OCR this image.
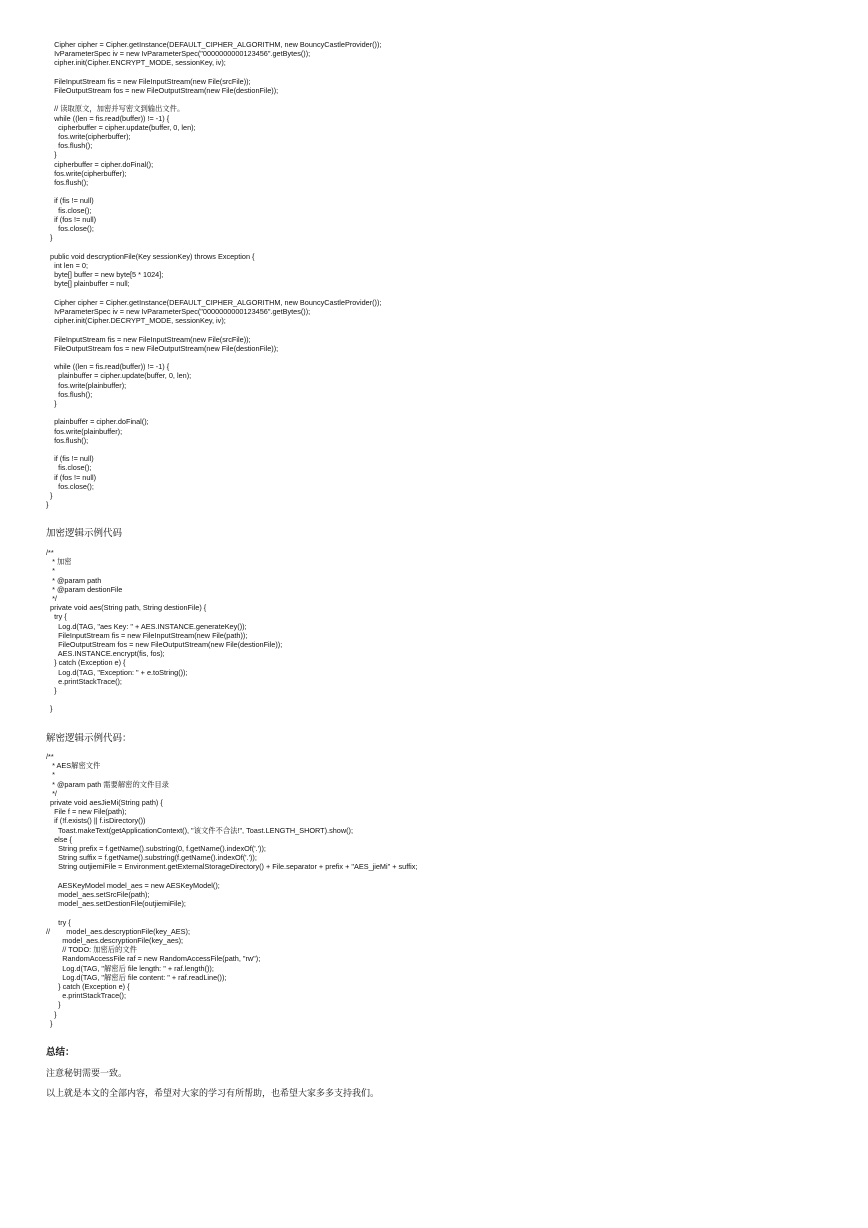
Cipher cipher = Cipher.getInstance(DEFAULT_CIPHER_ALGORITHM, new BouncyCastleProvider());
IvParameterSpec iv = new IvParameterSpec("0000000000123456".getBytes());
cipher.init(Cipher.ENCRYPT_MODE, sessionKey, iv);

FileInputStream fis = new FileInputStream(new File(srcFile));
FileOutputStream fos = new FileOutputStream(new File(destionFile));

// 读取原文，加密并写密文到输出文件。
while ((len = fis.read(buffer)) != -1) {
cipherbuffer = cipher.update(buffer, 0, len);
fos.write(cipherbuffer);
fos.flush();
}
cipherbuffer = cipher.doFinal();
fos.write(cipherbuffer);
fos.flush();

if (fis != null)
fis.close();
if (fos != null)
fos.close();
}

public void descryptionFile(Key sessionKey) throws Exception {
int len = 0;
byte[] buffer = new byte[5 * 1024];
byte[] plainbuffer = null;

Cipher cipher = Cipher.getInstance(DEFAULT_CIPHER_ALGORITHM, new BouncyCastleProvider());
IvParameterSpec iv = new IvParameterSpec("0000000000123456".getBytes());
cipher.init(Cipher.DECRYPT_MODE, sessionKey, iv);

FileInputStream fis = new FileInputStream(new File(srcFile));
FileOutputStream fos = new FileOutputStream(new File(destionFile));

while ((len = fis.read(buffer)) != -1) {
plainbuffer = cipher.update(buffer, 0, len);
fos.write(plainbuffer);
fos.flush();
}

plainbuffer = cipher.doFinal();
fos.write(plainbuffer);
fos.flush();

if (fis != null)
fis.close();
if (fos != null)
fos.close();
}
}
加密逻辑示例代码
/**
* 加密
*
* @param path
* @param destionFile
*/
private void aes(String path, String destionFile) {
try {
Log.d(TAG, "aes Key: " + AES.INSTANCE.generateKey());
FileInputStream fis = new FileInputStream(new File(path));
FileOutputStream fos = new FileOutputStream(new File(destionFile));
AES.INSTANCE.encrypt(fis, fos);
} catch (Exception e) {
Log.d(TAG, "Exception: " + e.toString());
e.printStackTrace();
}

}
解密逻辑示例代码：
/**
* AES解密文件
*
* @param path 需要解密的文件目录
*/
private void aesJieMi(String path) {
File f = new File(path);
if (!f.exists() || f.isDirectory())
Toast.makeText(getApplicationContext(), "该文件不合法!", Toast.LENGTH_SHORT).show();
else {
String prefix = f.getName().substring(0, f.getName().indexOf('.'));
String suffix = f.getName().substring(f.getName().indexOf('.'));
String outjiemiFile = Environment.getExternalStorageDirectory() + File.separator + prefix + "AES_jieMi" + suffix;

AESKeyModel model_aes = new AESKeyModel();
model_aes.setSrcFile(path);
model_aes.setDestionFile(outjiemiFile);

try {
//        model_aes.descryptionFile(key_AES);
model_aes.descryptionFile(key_aes);
// TODO: 加密后的文件
RandomAccessFile raf = new RandomAccessFile(path, "rw");
Log.d(TAG, "解密后 file length: " + raf.length());
Log.d(TAG, "解密后 file content: " + raf.readLine());
} catch (Exception e) {
e.printStackTrace();
}
}
}
总结：

注意秘钥需要一致。

以上就是本文的全部内容，希望对大家的学习有所帮助，也希望大家多多支持我们。
